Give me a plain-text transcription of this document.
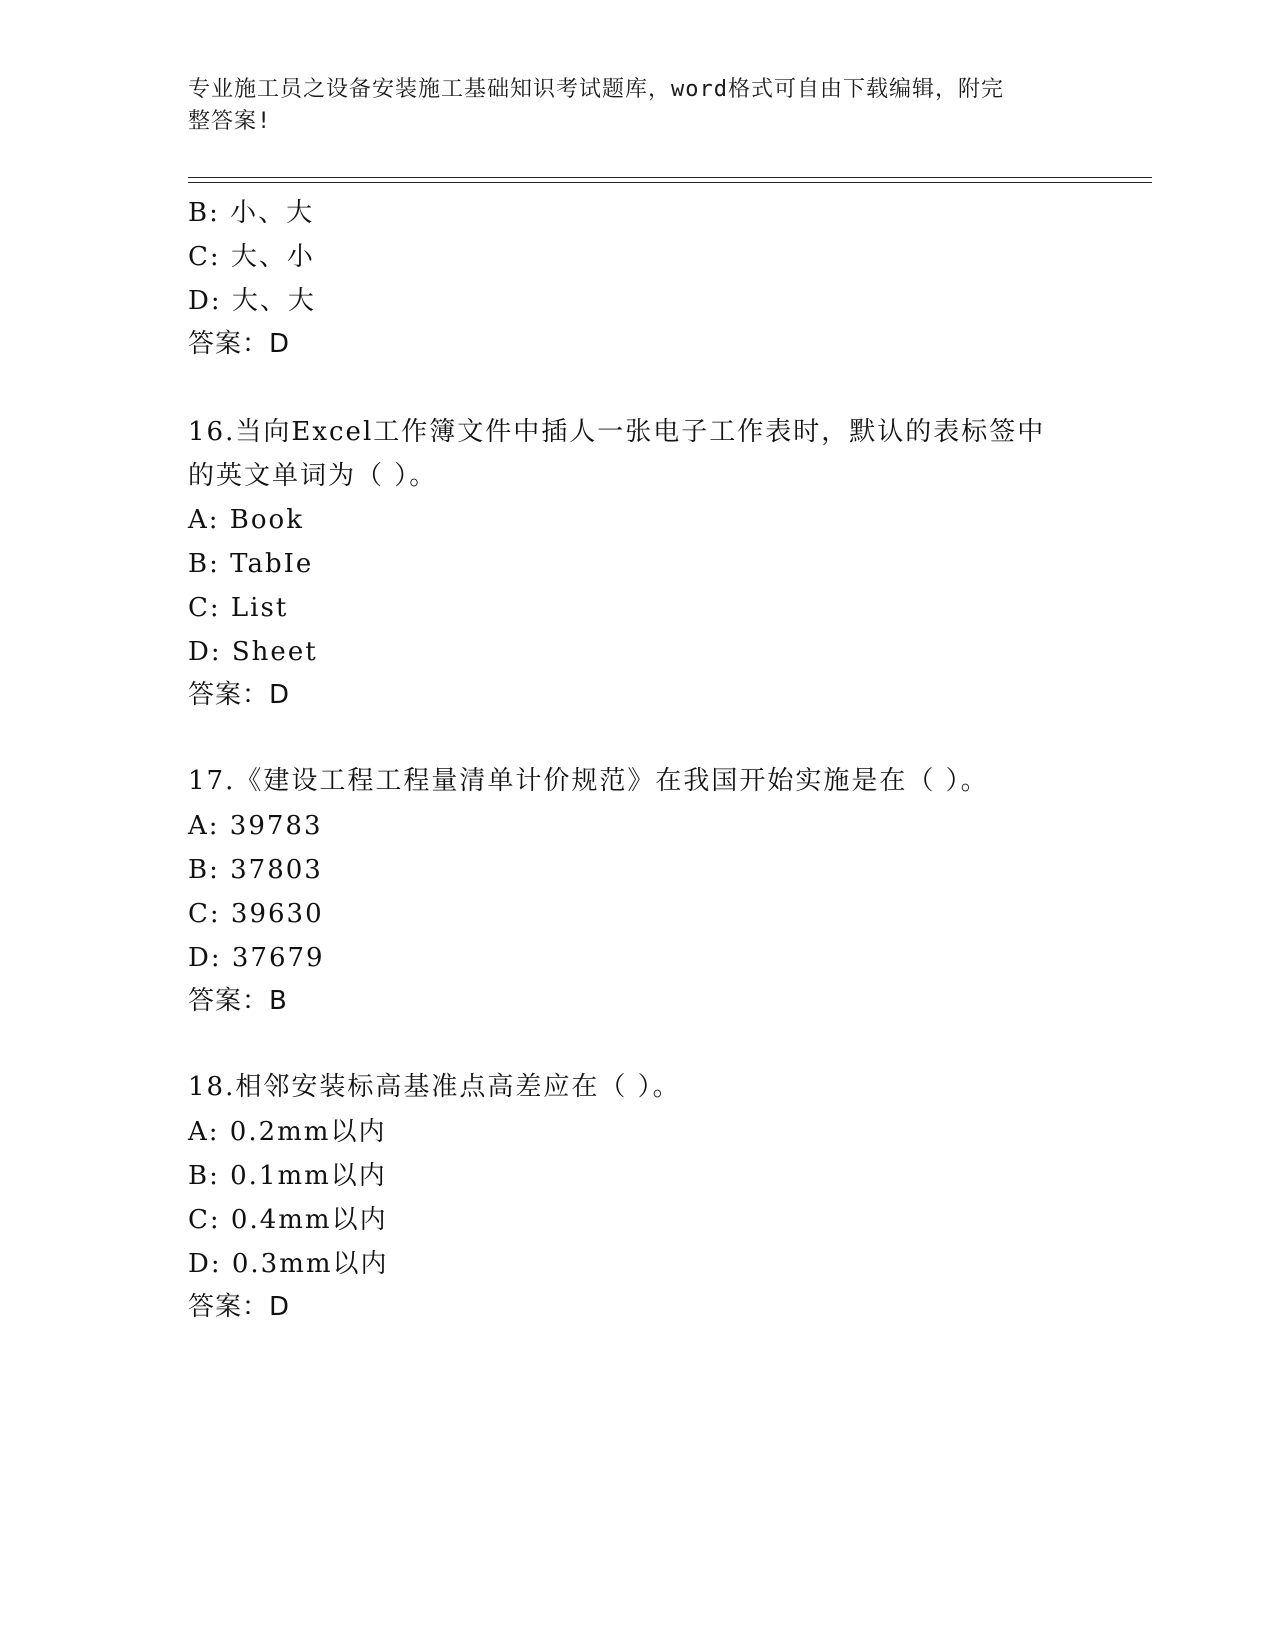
专业施工员之设备安装施工基础知识考试题库，word格式可自由下载编辑，附完
整答案!
B: 小、大
C: 大、小
D: 大、大
答案：D
16.当向Excel工作簿文件中插人一张电子工作表时，默认的表标签中
的英文单词为（ ）。
A: Book
B: TabIe
C: List
D: Sheet
答案：D
17.《建设工程工程量清单计价规范》在我国开始实施是在（ ）。
A: 39783
B: 37803
C: 39630
D: 37679
答案：B
18.相邻安装标高基准点高差应在（ ）。
A: 0.2mm以内
B: 0.1mm以内
C: 0.4mm以内
D: 0.3mm以内
答案：D
